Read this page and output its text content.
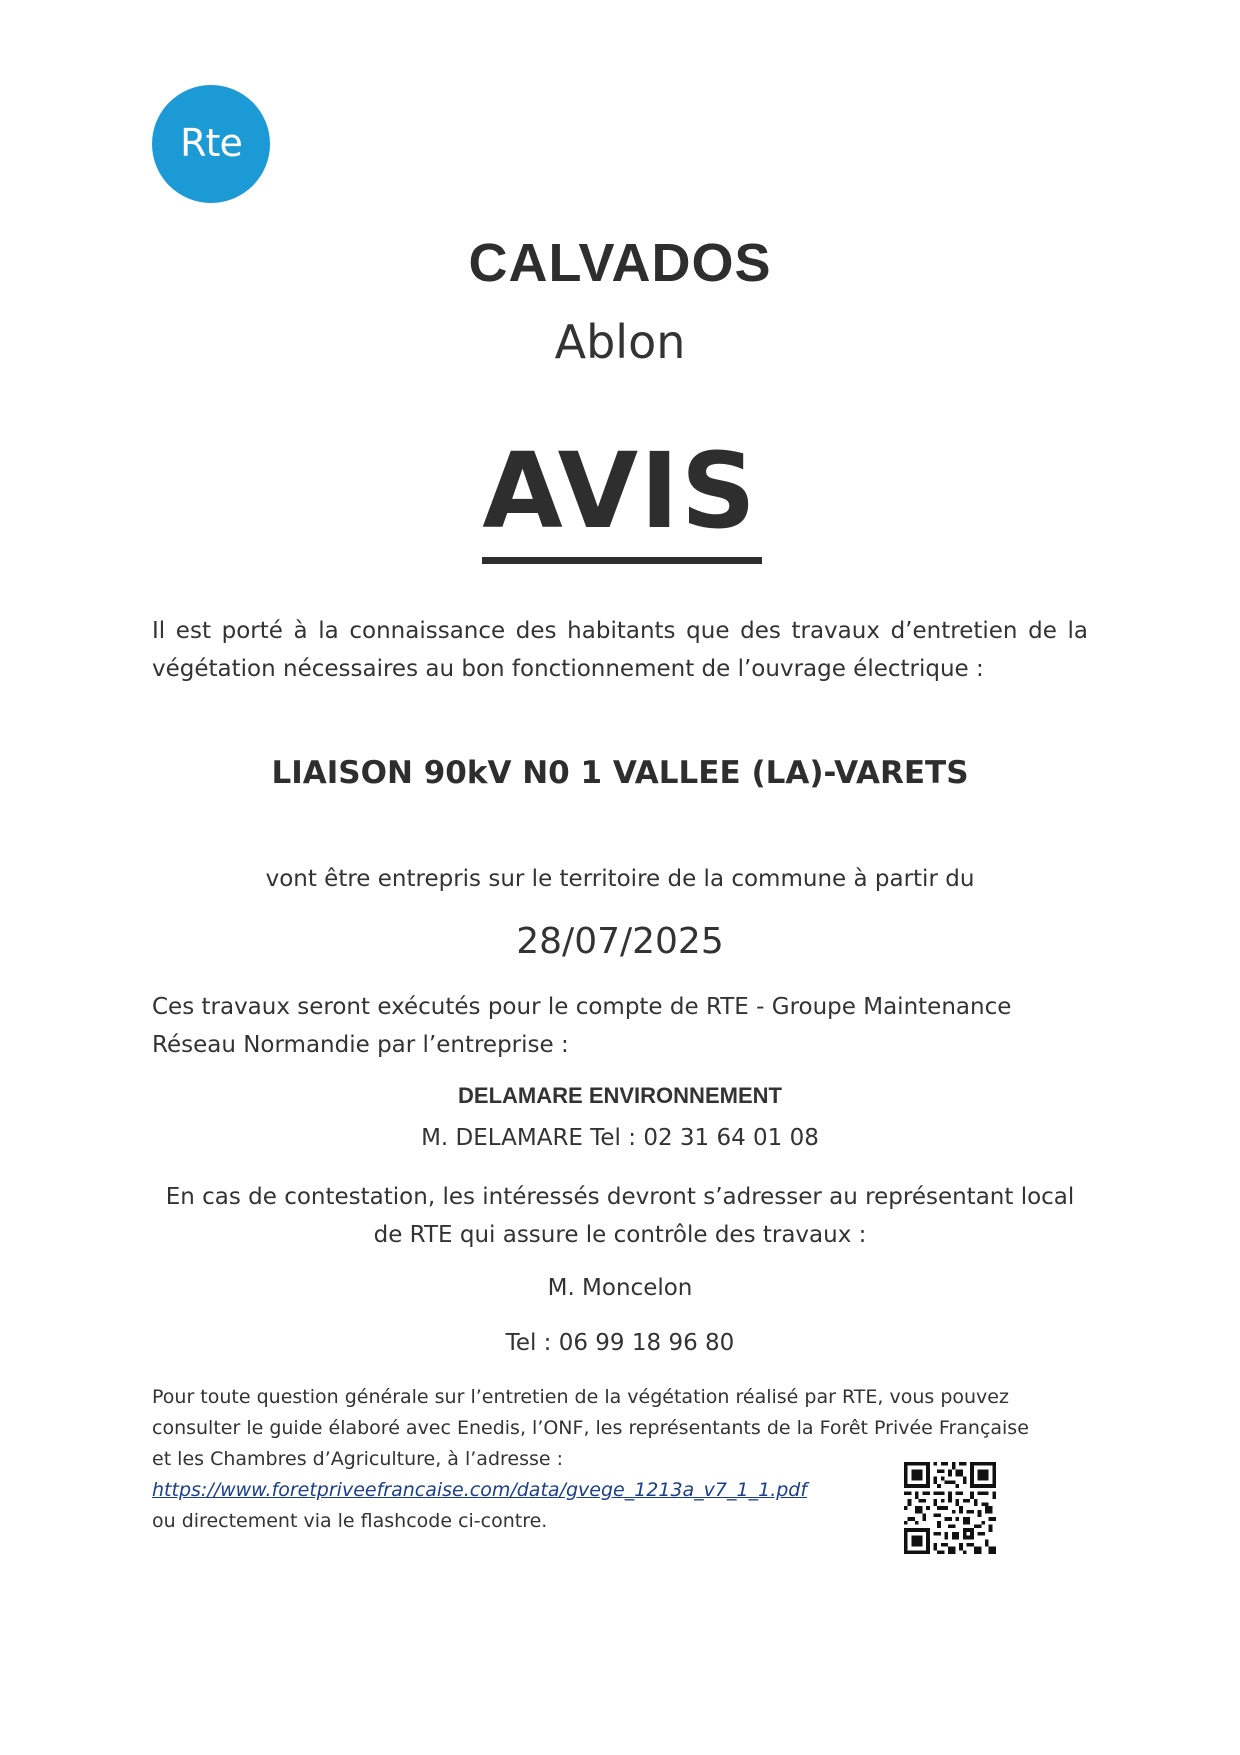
Rte
CALVADOS
Ablon
AVIS
Il est porté à la connaissance des habitants que des travaux d’entretien de la végétation nécessaires au bon fonctionnement de l’ouvrage électrique :
LIAISON 90kV N0 1 VALLEE (LA)-VARETS
vont être entrepris sur le territoire de la commune à partir du
28/07/2025
Ces travaux seront exécutés pour le compte de RTE - Groupe Maintenance
Réseau Normandie par l’entreprise :
DELAMARE ENVIRONNEMENT
M. DELAMARE Tel : 02 31 64 01 08
En cas de contestation, les intéressés devront s’adresser au représentant local
de RTE qui assure le contrôle des travaux :
M. Moncelon
Tel : 06 99 18 96 80
Pour toute question générale sur l’entretien de la végétation réalisé par RTE, vous pouvez
consulter le guide élaboré avec Enedis, l’ONF, les représentants de la Forêt Privée Française
et les Chambres d’Agriculture, à l’adresse :
https://www.foretpriveefrancaise.com/data/gvege_1213a_v7_1_1.pdf
ou directement via le flashcode ci-contre.
